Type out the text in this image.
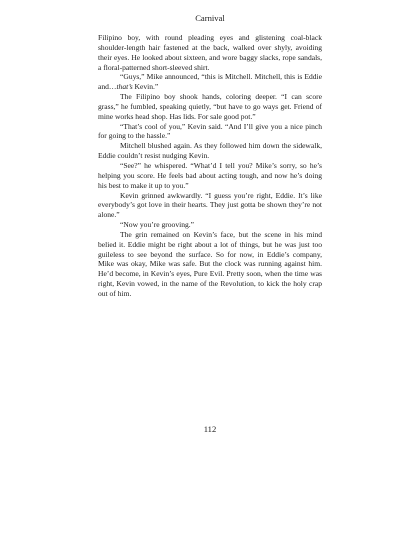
Carnival

Filipino boy, with round pleading eyes and glistening coal-black shoulder-length hair fastened at the back, walked over shyly, avoiding their eyes. He looked about sixteen, and wore baggy slacks, rope sandals, a floral-patterned short-sleeved shirt.

“Guys,” Mike announced, “this is Mitchell. Mitchell, this is Eddie and…that’s Kevin.”

The Filipino boy shook hands, coloring deeper. “I can score grass,” he fumbled, speaking quietly, “but have to go ways get. Friend of mine works head shop. Has lids. For sale good pot.”

“That’s cool of you,” Kevin said. “And I’ll give you a nice pinch for going to the hassle.”

Mitchell blushed again. As they followed him down the sidewalk, Eddie couldn’t resist nudging Kevin.

“See?” he whispered. “What’d I tell you? Mike’s sorry, so he’s helping you score. He feels bad about acting tough, and now he’s doing his best to make it up to you.”

Kevin grinned awkwardly. “I guess you’re right, Eddie. It’s like everybody’s got love in their hearts. They just gotta be shown they’re not alone.”

“Now you’re grooving.”

The grin remained on Kevin’s face, but the scene in his mind belied it. Eddie might be right about a lot of things, but he was just too guileless to see beyond the surface. So for now, in Eddie’s company, Mike was okay, Mike was safe. But the clock was running against him. He’d become, in Kevin’s eyes, Pure Evil. Pretty soon, when the time was right, Kevin vowed, in the name of the Revolution, to kick the holy crap out of him.

112
